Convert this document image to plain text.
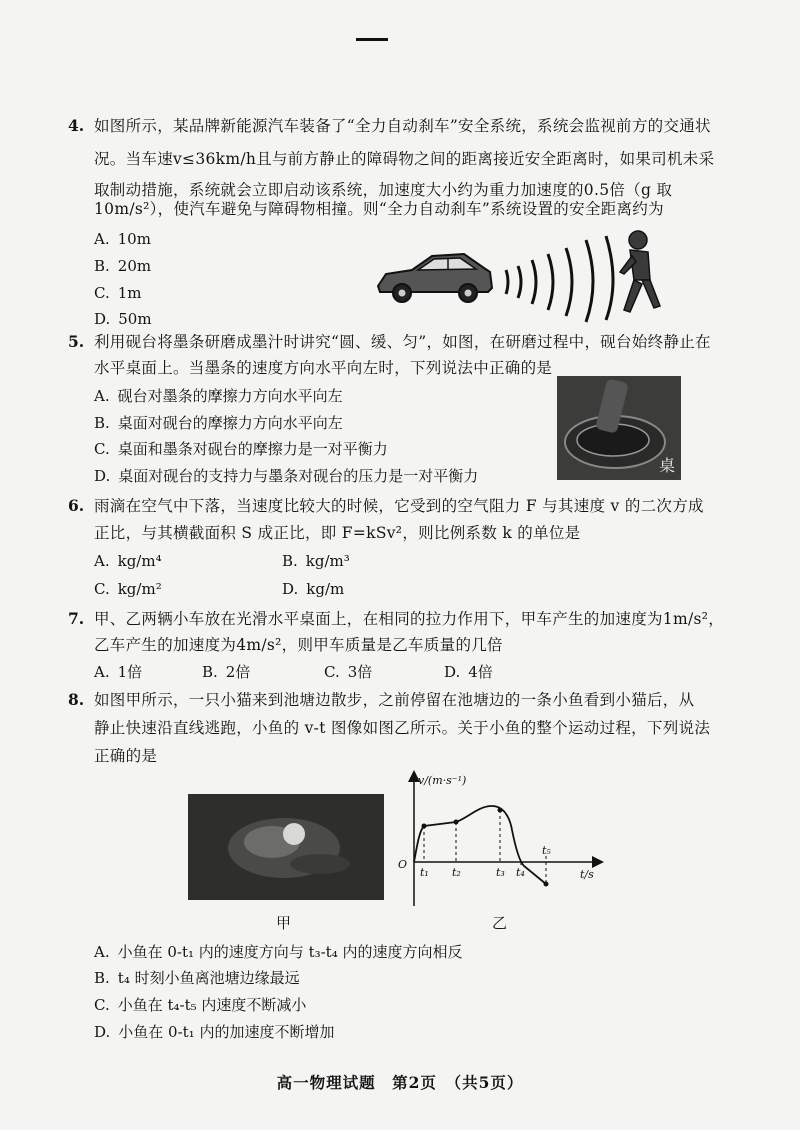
4. 如图所示，某品牌新能源汽车装备了“全力自动刹车”安全系统，系统会监视前方的交通状
况。当车速v≤36km/h且与前方静止的障碍物之间的距离接近安全距离时，如果司机未采
取制动措施，系统就会立即启动该系统，加速度大小约为重力加速度的0.5倍（g 取
10m/s²），使汽车避免与障碍物相撞。则“全力自动刹车”系统设置的安全距离约为
A. 10m
B. 20m
C. 1m
D. 50m
5. 利用砚台将墨条研磨成墨汁时讲究“圆、缓、匀”，如图，在研磨过程中，砚台始终静止在
水平桌面上。当墨条的速度方向水平向左时，下列说法中正确的是
A. 砚台对墨条的摩擦力方向水平向左
B. 桌面对砚台的摩擦力方向水平向左
C. 桌面和墨条对砚台的摩擦力是一对平衡力
D. 桌面对砚台的支持力与墨条对砚台的压力是一对平衡力
桌
6. 雨滴在空气中下落，当速度比较大的时候，它受到的空气阻力 F 与其速度 v 的二次方成
正比，与其横截面积 S 成正比，即 F=kSv²，则比例系数 k 的单位是
A. kg/m⁴	B. kg/m³
C. kg/m²	D. kg/m
7. 甲、乙两辆小车放在光滑水平桌面上，在相同的拉力作用下，甲车产生的加速度为1m/s²，
乙车产生的加速度为4m/s²，则甲车质量是乙车质量的几倍
A. 1倍	B. 2倍	C. 3倍	D. 4倍
8. 如图甲所示，一只小猫来到池塘边散步，之前停留在池塘边的一条小鱼看到小猫后，从
静止快速沿直线逃跑，小鱼的 v-t 图像如图乙所示。关于小鱼的整个运动过程，下列说法
正确的是
甲
v/(m·s⁻¹)
t/s
O
t₁ t₂	t₃ t₄
t₅
乙
A. 小鱼在 0-t₁ 内的速度方向与 t₃-t₄ 内的速度方向相反
B. t₄ 时刻小鱼离池塘边缘最远
C. 小鱼在 t₄-t₅ 内速度不断减小
D. 小鱼在 0-t₁ 内的加速度不断增加
高一物理试题　第2页　（共5页）
